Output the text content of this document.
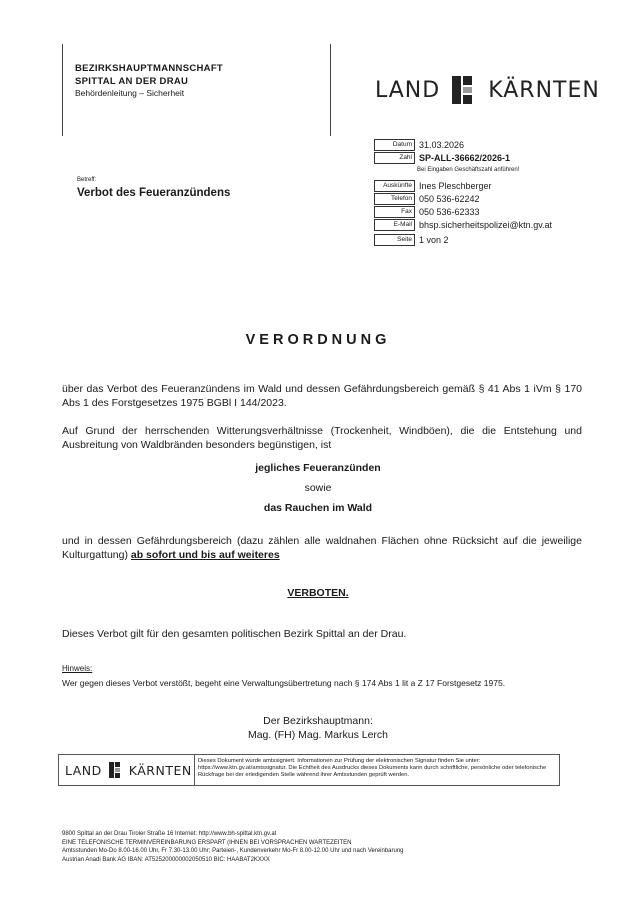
BEZIRKSHAUPTMANNSCHAFT
SPITTAL AN DER DRAU
Behördenleitung – Sicherheit	LAND KÄRNTEN
Datum 31.03.2026
Zahl SP-ALL-36662/2026-1
Bei Eingaben Geschäftszahl anführen!
Auskünfte Ines Pleschberger
Telefon 050 536-62242
Fax 050 536-62333
E-Mail bhsp.sicherheitspolizei@ktn.gv.at
Seite 1 von 2
Betreff:
Verbot des Feueranzündens
VERORDNUNG
über das Verbot des Feueranzündens im Wald und dessen Gefährdungsbereich gemäß § 41 Abs 1 iVm § 170 Abs 1 des Forstgesetzes 1975 BGBl I 144/2023.
Auf Grund der herrschenden Witterungsverhältnisse (Trockenheit, Windböen), die die Entstehung und Ausbreitung von Waldbränden besonders begünstigen, ist
jegliches Feueranzünden
sowie
das Rauchen im Wald
und in dessen Gefährdungsbereich (dazu zählen alle waldnahen Flächen ohne Rücksicht auf die jeweilige Kulturgattung) ab sofort und bis auf weiteres
VERBOTEN.
Dieses Verbot gilt für den gesamten politischen Bezirk Spittal an der Drau.
Hinweis:
Wer gegen dieses Verbot verstößt, begeht eine Verwaltungsübertretung nach § 174 Abs 1 lit a Z 17 Forstgesetz 1975.
Der Bezirkshauptmann:
Mag. (FH) Mag. Markus Lerch
LAND KÄRNTEN
Dieses Dokument wurde amtssigniert. Informationen zur Prüfung der elektronischen Signatur finden Sie unter: https://www.ktn.gv.at/amtssignatur. Die Echtheit des Ausdrucks dieses Dokuments kann durch schriftliche, persönliche oder telefonische Rückfrage bei der erledigenden Stelle während ihrer Amtsstunden geprüft werden.
9800 Spittal an der Drau Tiroler Straße 16 Internet: http://www.bh-spittal.ktn.gv.at
EINE TELEFONISCHE TERMINVEREINBARUNG ERSPART (IHNEN BEI VORSPRACHEN WARTEZEITEN
Amtsstunden Mo-Do 8.00-16.00 Uhr, Fr 7.30-13.00 Uhr; Parteien-, Kundenverkehr Mo-Fr 8.00-12.00 Uhr und nach Vereinbarung
Austrian Anadi Bank AG IBAN: AT525200000002050510 BIC: HAABAT2KXXX
